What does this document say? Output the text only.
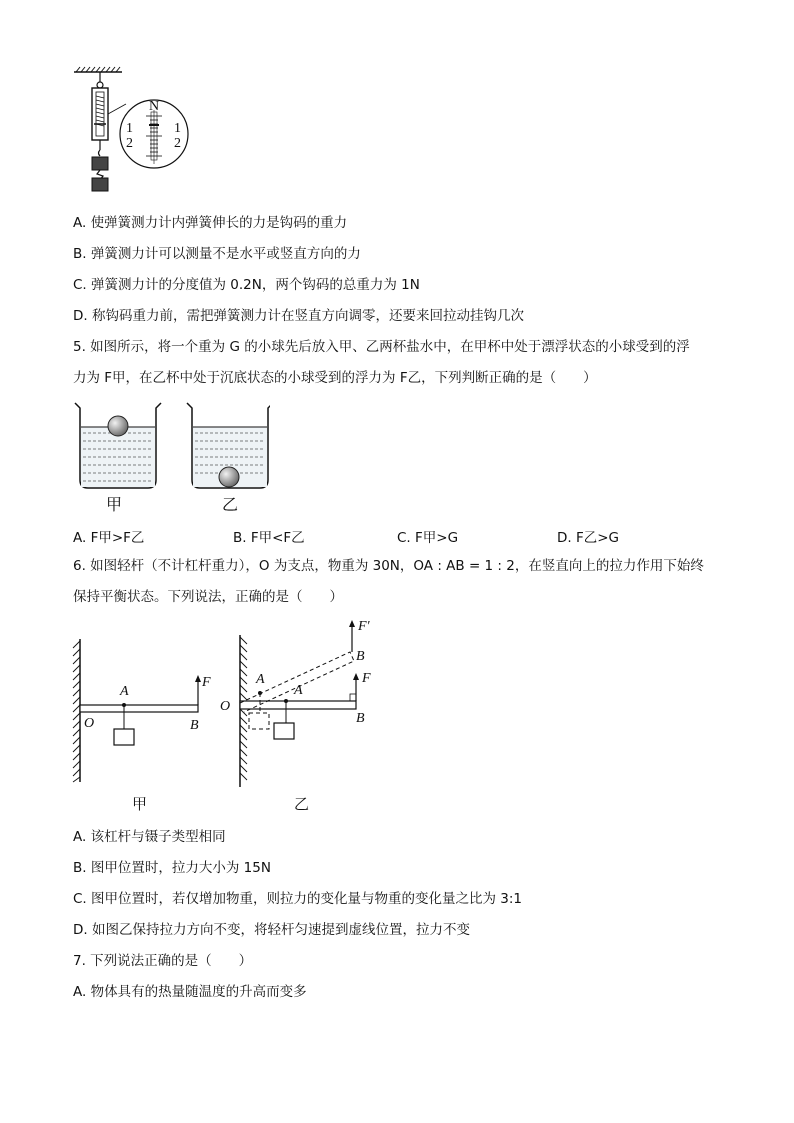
N
1
2
1
2
A. 使弹簧测力计内弹簧伸长的力是钩码的重力
B. 弹簧测力计可以测量不是水平或竖直方向的力
C. 弹簧测力计的分度值为 0.2N，两个钩码的总重力为 1N
D. 称钩码重力前，需把弹簧测力计在竖直方向调零，还要来回拉动挂钩几次
5. 如图所示，将一个重为 G 的小球先后放入甲、乙两杯盐水中，在甲杯中处于漂浮状态的小球受到的浮
力为 F甲，在乙杯中处于沉底状态的小球受到的浮力为 F乙，下列判断正确的是（　　）
甲	乙
A. F甲>F乙	B. F甲<F乙	C. F甲>G	D. F乙>G
6. 如图轻杆（不计杠杆重力），O 为支点，物重为 30N，OA : AB = 1 : 2，在竖直向上的拉力作用下始终
保持平衡状态。下列说法，正确的是（　　）
A
O	B
F
O
A
A
B
B
F
F′
甲	乙
A. 该杠杆与镊子类型相同
B. 图甲位置时，拉力大小为 15N
C. 图甲位置时，若仅增加物重，则拉力的变化量与物重的变化量之比为 3:1
D. 如图乙保持拉力方向不变，将轻杆匀速提到虚线位置，拉力不变
7. 下列说法正确的是（　　）
A. 物体具有的热量随温度的升高而变多
